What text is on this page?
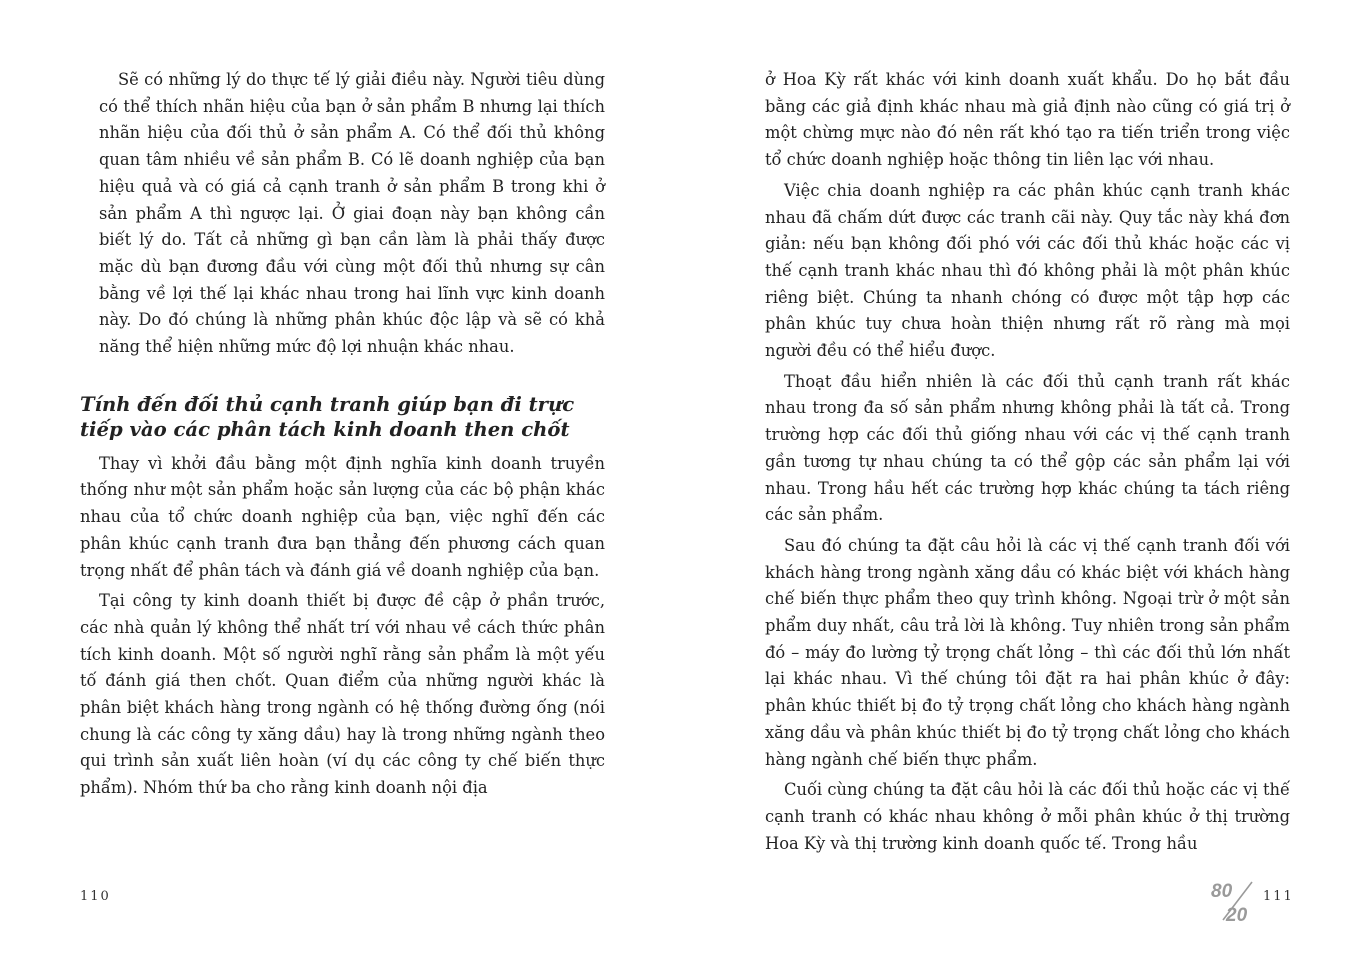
Sẽ có những lý do thực tế lý giải điều này. Người tiêu dùng có thể thích nhãn hiệu của bạn ở sản phẩm B nhưng lại thích nhãn hiệu của đối thủ ở sản phẩm A. Có thể đối thủ không quan tâm nhiều về sản phẩm B. Có lẽ doanh nghiệp của bạn hiệu quả và có giá cả cạnh tranh ở sản phẩm B trong khi ở sản phẩm A thì ngược lại. Ở giai đoạn này bạn không cần biết lý do. Tất cả những gì bạn cần làm là phải thấy được mặc dù bạn đương đầu với cùng một đối thủ nhưng sự cân bằng về lợi thế lại khác nhau trong hai lĩnh vực kinh doanh này. Do đó chúng là những phân khúc độc lập và sẽ có khả năng thể hiện những mức độ lợi nhuận khác nhau.

Tính đến đối thủ cạnh tranh giúp bạn đi trực tiếp vào các phân tách kinh doanh then chốt

Thay vì khởi đầu bằng một định nghĩa kinh doanh truyền thống như một sản phẩm hoặc sản lượng của các bộ phận khác nhau của tổ chức doanh nghiệp của bạn, việc nghĩ đến các phân khúc cạnh tranh đưa bạn thẳng đến phương cách quan trọng nhất để phân tách và đánh giá về doanh nghiệp của bạn.

Tại công ty kinh doanh thiết bị được đề cập ở phần trước, các nhà quản lý không thể nhất trí với nhau về cách thức phân tích kinh doanh. Một số người nghĩ rằng sản phẩm là một yếu tố đánh giá then chốt. Quan điểm của những người khác là phân biệt khách hàng trong ngành có hệ thống đường ống (nói chung là các công ty xăng dầu) hay là trong những ngành theo qui trình sản xuất liên hoàn (ví dụ các công ty chế biến thực phẩm). Nhóm thứ ba cho rằng kinh doanh nội địa

110

ở Hoa Kỳ rất khác với kinh doanh xuất khẩu. Do họ bắt đầu bằng các giả định khác nhau mà giả định nào cũng có giá trị ở một chừng mực nào đó nên rất khó tạo ra tiến triển trong việc tổ chức doanh nghiệp hoặc thông tin liên lạc với nhau.

Việc chia doanh nghiệp ra các phân khúc cạnh tranh khác nhau đã chấm dứt được các tranh cãi này. Quy tắc này khá đơn giản: nếu bạn không đối phó với các đối thủ khác hoặc các vị thế cạnh tranh khác nhau thì đó không phải là một phân khúc riêng biệt. Chúng ta nhanh chóng có được một tập hợp các phân khúc tuy chưa hoàn thiện nhưng rất rõ ràng mà mọi người đều có thể hiểu được.

Thoạt đầu hiển nhiên là các đối thủ cạnh tranh rất khác nhau trong đa số sản phẩm nhưng không phải là tất cả. Trong trường hợp các đối thủ giống nhau với các vị thế cạnh tranh gần tương tự nhau chúng ta có thể gộp các sản phẩm lại với nhau. Trong hầu hết các trường hợp khác chúng ta tách riêng các sản phẩm.

Sau đó chúng ta đặt câu hỏi là các vị thế cạnh tranh đối với khách hàng trong ngành xăng dầu có khác biệt với khách hàng chế biến thực phẩm theo quy trình không. Ngoại trừ ở một sản phẩm duy nhất, câu trả lời là không. Tuy nhiên trong sản phẩm đó – máy đo lường tỷ trọng chất lỏng – thì các đối thủ lớn nhất lại khác nhau. Vì thế chúng tôi đặt ra hai phân khúc ở đây: phân khúc thiết bị đo tỷ trọng chất lỏng cho khách hàng ngành xăng dầu và phân khúc thiết bị đo tỷ trọng chất lỏng cho khách hàng ngành chế biến thực phẩm.

Cuối cùng chúng ta đặt câu hỏi là các đối thủ hoặc các vị thế cạnh tranh có khác nhau không ở mỗi phân khúc ở thị trường Hoa Kỳ và thị trường kinh doanh quốc tế. Trong hầu

80
20
111
